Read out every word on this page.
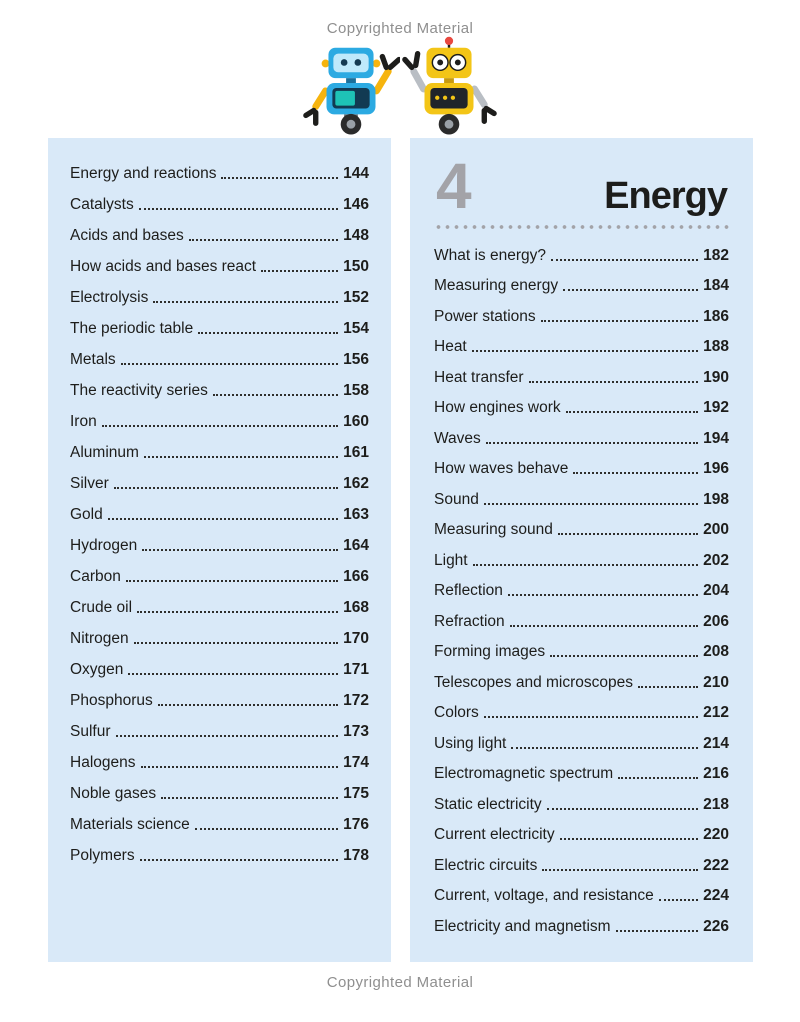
Copyrighted Material
Energy and reactions	144
Catalysts	146
Acids and bases	148
How acids and bases react	150
Electrolysis	152
The periodic table	154
Metals	156
The reactivity series	158
Iron	160
Aluminum	161
Silver	162
Gold	163
Hydrogen	164
Carbon	166
Crude oil	168
Nitrogen	170
Oxygen	171
Phosphorus	172
Sulfur	173
Halogens	174
Noble gases	175
Materials science	176
Polymers	178
4	Energy
What is energy?	182
Measuring energy	184
Power stations	186
Heat	188
Heat transfer	190
How engines work	192
Waves	194
How waves behave	196
Sound	198
Measuring sound	200
Light	202
Reflection	204
Refraction	206
Forming images	208
Telescopes and microscopes	210
Colors	212
Using light	214
Electromagnetic spectrum	216
Static electricity	218
Current electricity	220
Electric circuits	222
Current, voltage, and resistance	224
Electricity and magnetism	226
Copyrighted Material
